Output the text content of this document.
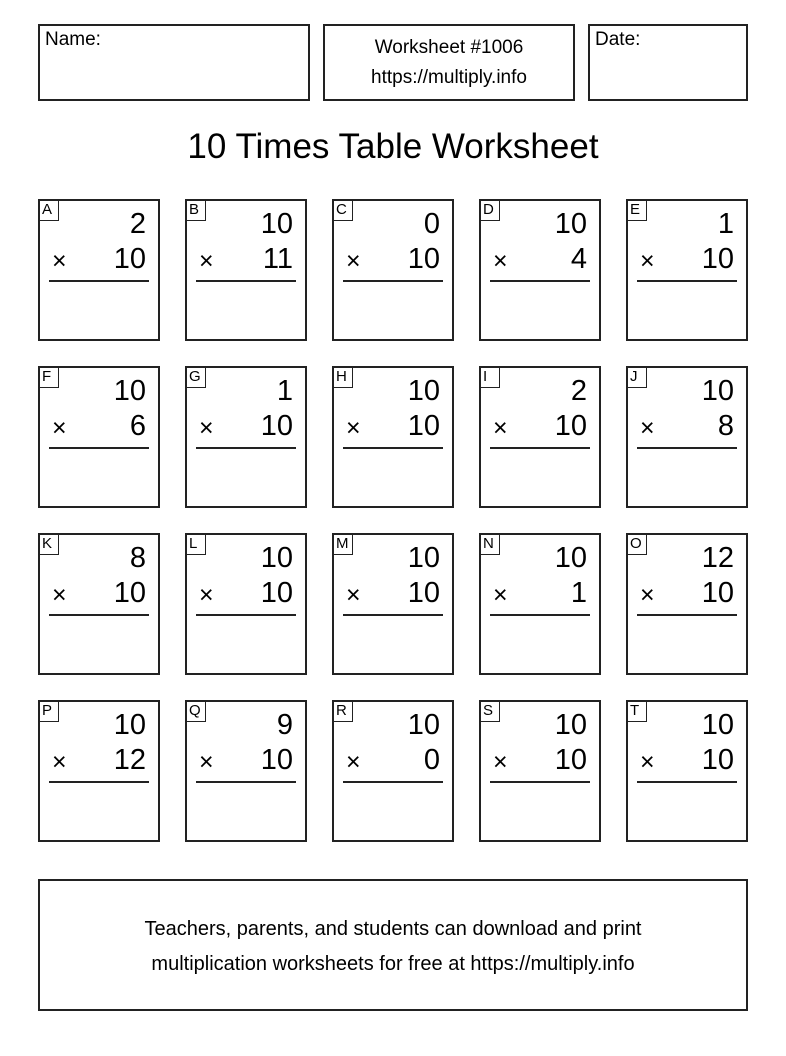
Name:	Worksheet #1006
https://multiply.info
Date:
10 Times Table Worksheet
A	2
× 10
B 10
× 11
C	0
× 10
D 10
× 4
E	1
× 10
F 10
× 6
G	1
× 10
H 10
× 10
I	2
× 10
J	10
× 8
K	8
× 10
L 10
× 10
M 10
× 10
N 10
× 1
O 12
× 10
P 10
× 12
Q	9
× 10
R 10
× 0
S 10
× 10
T 10
× 10
Teachers, parents, and students can download and print
multiplication worksheets for free at https://multiply.info
